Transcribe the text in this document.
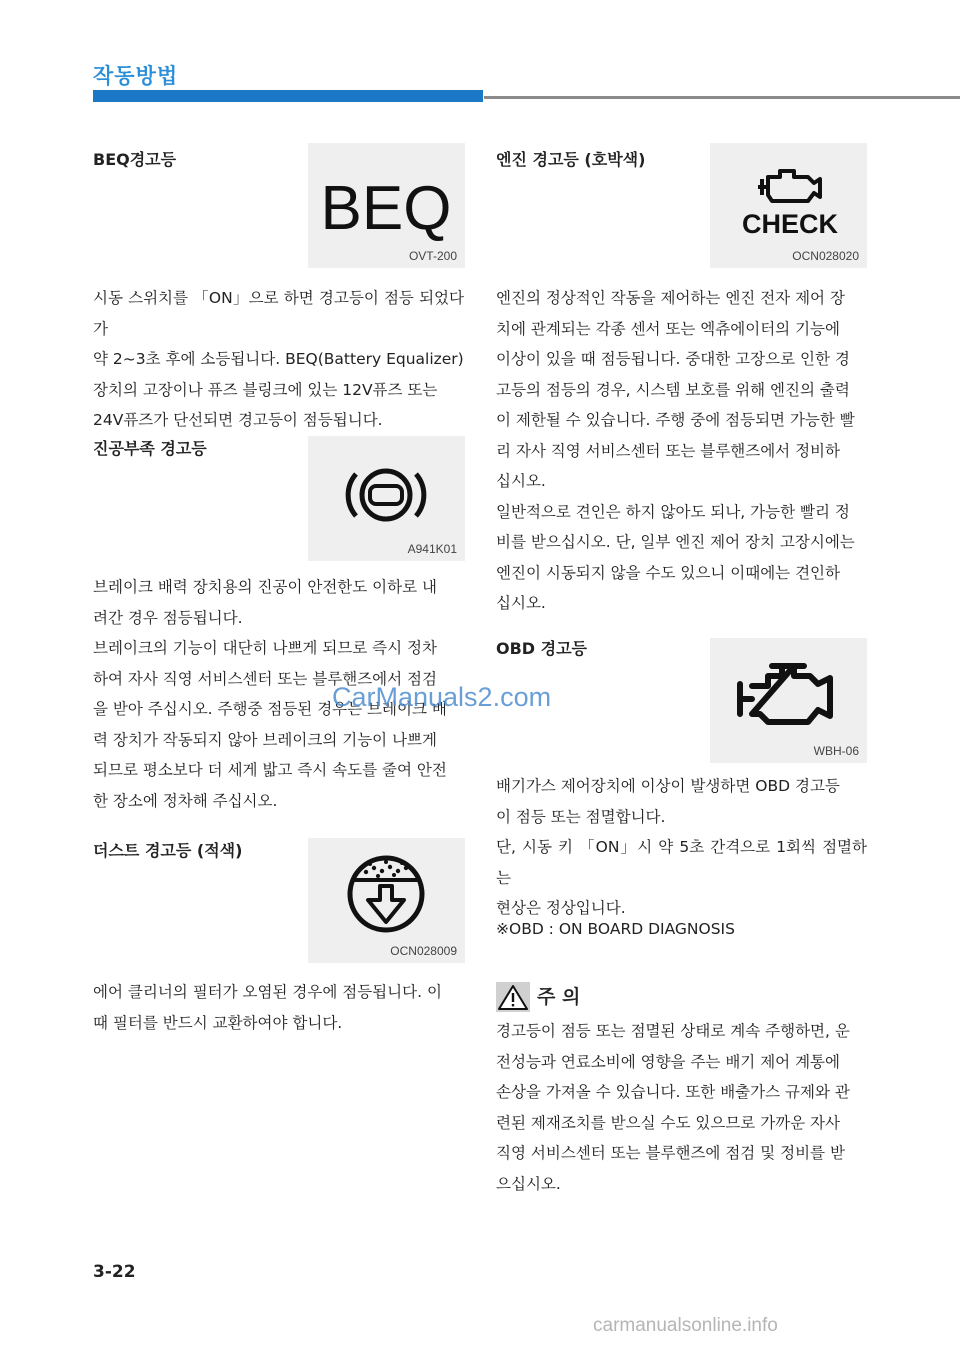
작동방법
BEQ경고등
BEQ
OVT-200
시동 스위치를 「ON」으로 하면 경고등이 점등 되었다가
약 2~3초 후에 소등됩니다. BEQ(Battery Equalizer)
장치의 고장이나 퓨즈 블링크에 있는 12V퓨즈 또는
24V퓨즈가 단선되면 경고등이 점등됩니다.
진공부족 경고등
A941K01
브레이크 배력 장치용의 진공이 안전한도 이하로 내
려간 경우 점등됩니다.
브레이크의 기능이 대단히 나쁘게 되므로 즉시 정차
하여 자사 직영 서비스센터 또는 블루핸즈에서 점검
을 받아 주십시오. 주행중 점등된 경우는 브레이크 배
력 장치가 작동되지 않아 브레이크의 기능이 나쁘게
되므로 평소보다 더 세게 밟고 즉시 속도를 줄여 안전
한 장소에 정차해 주십시오.
더스트 경고등 (적색)
OCN028009
에어 클리너의 필터가 오염된 경우에 점등됩니다. 이
때 필터를 반드시 교환하여야 합니다.
엔진 경고등 (호박색)
CHECK
OCN028020
엔진의 정상적인 작동을 제어하는 엔진 전자 제어 장
치에 관계되는 각종 센서 또는 엑츄에이터의 기능에
이상이 있을 때 점등됩니다. 중대한 고장으로 인한 경
고등의 점등의 경우, 시스템 보호를 위해 엔진의 출력
이 제한될 수 있습니다. 주행 중에 점등되면 가능한 빨
리 자사 직영 서비스센터 또는 블루핸즈에서 정비하
십시오.
일반적으로 견인은 하지 않아도 되나, 가능한 빨리 정
비를 받으십시오. 단, 일부 엔진 제어 장치 고장시에는
엔진이 시동되지 않을 수도 있으니 이때에는 견인하
십시오.
OBD 경고등
WBH-06
배기가스 제어장치에 이상이 발생하면 OBD 경고등
이 점등 또는 점멸합니다.
단, 시동 키 「ON」시 약 5초 간격으로 1회씩 점멸하는
현상은 정상입니다.
※OBD : ON BOARD DIAGNOSIS
주 의
경고등이 점등 또는 점멸된 상태로 계속 주행하면, 운
전성능과 연료소비에 영향을 주는 배기 제어 계통에
손상을 가져올 수 있습니다. 또한 배출가스 규제와 관
련된 제재조치를 받으실 수도 있으므로 가까운 자사
직영 서비스센터 또는 블루핸즈에 점검 및 정비를 받
으십시오.
3-22
CarManuals2.com
carmanualsonline.info
